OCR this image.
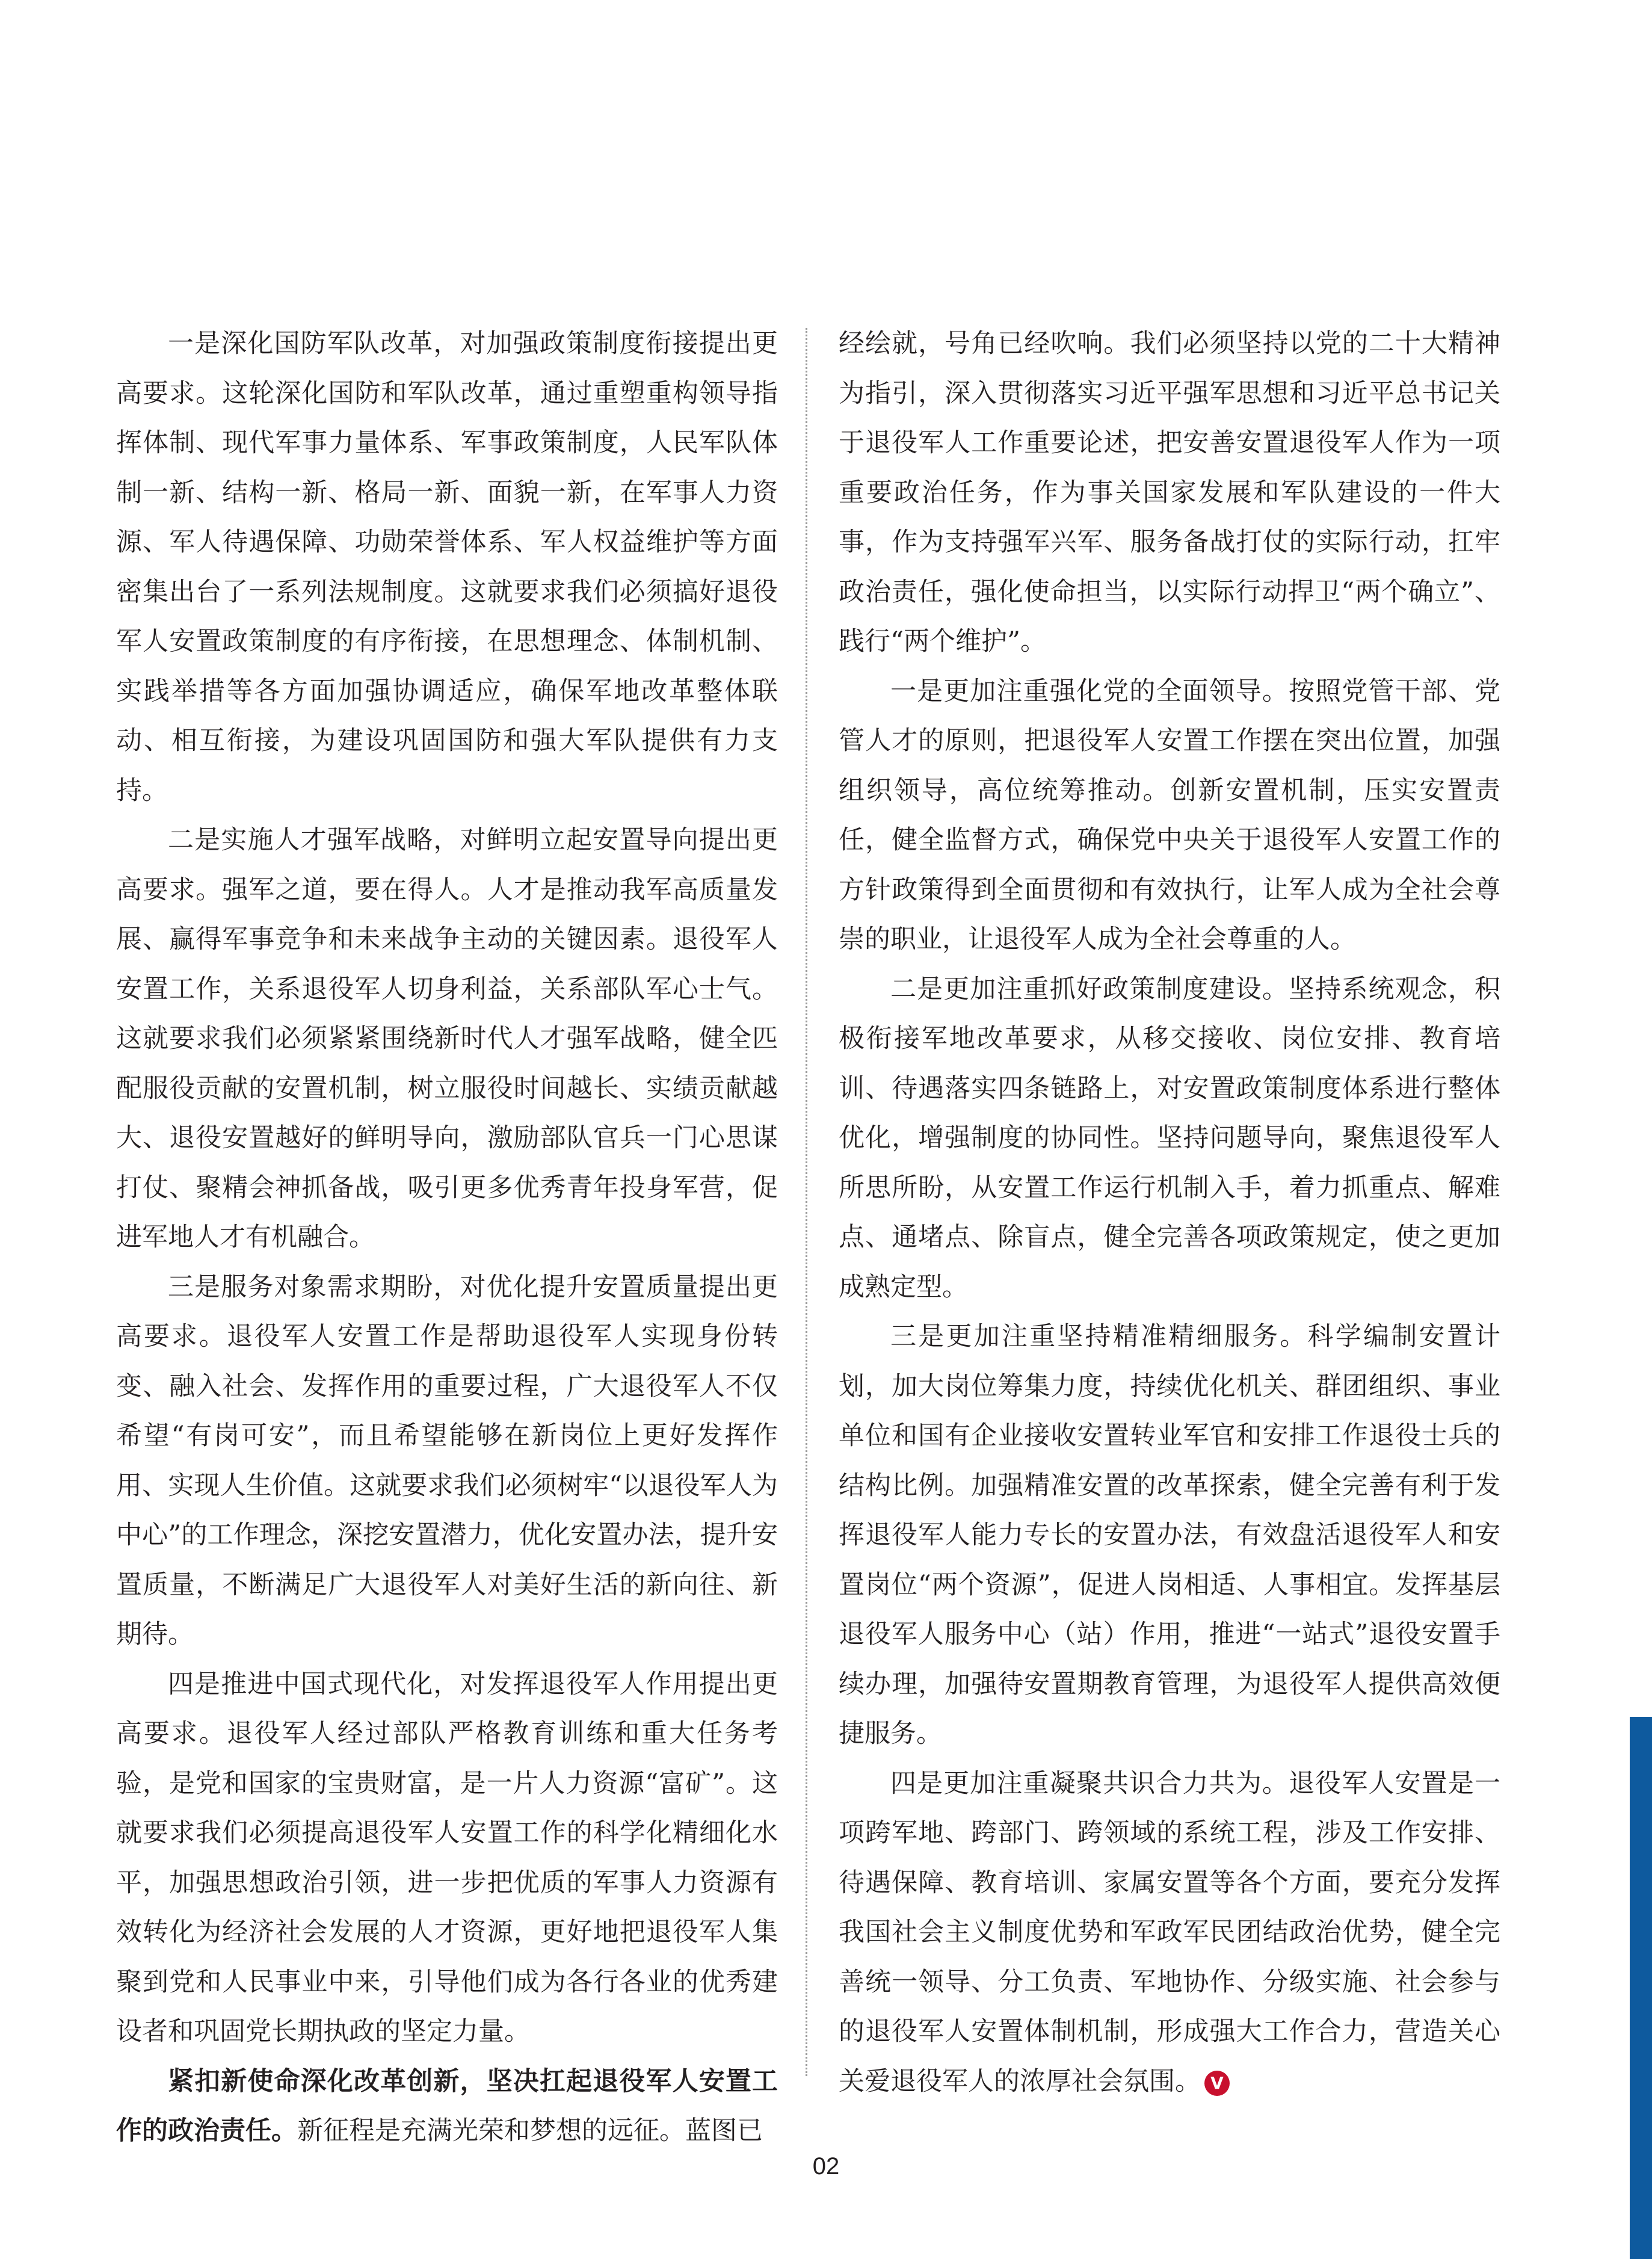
一是深化国防军队改革，对加强政策制度衔接提出更高要求。这轮深化国防和军队改革，通过重塑重构领导指挥体制、现代军事力量体系、军事政策制度，人民军队体制一新、结构一新、格局一新、面貌一新，在军事人力资源、军人待遇保障、功勋荣誉体系、军人权益维护等方面密集出台了一系列法规制度。这就要求我们必须搞好退役军人安置政策制度的有序衔接，在思想理念、体制机制、实践举措等各方面加强协调适应，确保军地改革整体联动、相互衔接，为建设巩固国防和强大军队提供有力支持。

二是实施人才强军战略，对鲜明立起安置导向提出更高要求。强军之道，要在得人。人才是推动我军高质量发展、赢得军事竞争和未来战争主动的关键因素。退役军人安置工作，关系退役军人切身利益，关系部队军心士气。这就要求我们必须紧紧围绕新时代人才强军战略，健全匹配服役贡献的安置机制，树立服役时间越长、实绩贡献越大、退役安置越好的鲜明导向，激励部队官兵一门心思谋打仗、聚精会神抓备战，吸引更多优秀青年投身军营，促进军地人才有机融合。

三是服务对象需求期盼，对优化提升安置质量提出更高要求。退役军人安置工作是帮助退役军人实现身份转变、融入社会、发挥作用的重要过程，广大退役军人不仅希望“有岗可安”，而且希望能够在新岗位上更好发挥作用、实现人生价值。这就要求我们必须树牢“以退役军人为中心”的工作理念，深挖安置潜力，优化安置办法，提升安置质量，不断满足广大退役军人对美好生活的新向往、新期待。

四是推进中国式现代化，对发挥退役军人作用提出更高要求。退役军人经过部队严格教育训练和重大任务考验，是党和国家的宝贵财富，是一片人力资源“富矿”。这就要求我们必须提高退役军人安置工作的科学化精细化水平，加强思想政治引领，进一步把优质的军事人力资源有效转化为经济社会发展的人才资源，更好地把退役军人集聚到党和人民事业中来，引导他们成为各行各业的优秀建设者和巩固党长期执政的坚定力量。

紧扣新使命深化改革创新，坚决扛起退役军人安置工作的政治责任。新征程是充满光荣和梦想的远征。蓝图已

经绘就，号角已经吹响。我们必须坚持以党的二十大精神为指引，深入贯彻落实习近平强军思想和习近平总书记关于退役军人工作重要论述，把安善安置退役军人作为一项重要政治任务，作为事关国家发展和军队建设的一件大事，作为支持强军兴军、服务备战打仗的实际行动，扛牢政治责任，强化使命担当，以实际行动捍卫“两个确立”、践行“两个维护”。

一是更加注重强化党的全面领导。按照党管干部、党管人才的原则，把退役军人安置工作摆在突出位置，加强组织领导，高位统筹推动。创新安置机制，压实安置责任，健全监督方式，确保党中央关于退役军人安置工作的方针政策得到全面贯彻和有效执行，让军人成为全社会尊崇的职业，让退役军人成为全社会尊重的人。

二是更加注重抓好政策制度建设。坚持系统观念，积极衔接军地改革要求，从移交接收、岗位安排、教育培训、待遇落实四条链路上，对安置政策制度体系进行整体优化，增强制度的协同性。坚持问题导向，聚焦退役军人所思所盼，从安置工作运行机制入手，着力抓重点、解难点、通堵点、除盲点，健全完善各项政策规定，使之更加成熟定型。

三是更加注重坚持精准精细服务。科学编制安置计划，加大岗位筹集力度，持续优化机关、群团组织、事业单位和国有企业接收安置转业军官和安排工作退役士兵的结构比例。加强精准安置的改革探索，健全完善有利于发挥退役军人能力专长的安置办法，有效盘活退役军人和安置岗位“两个资源”，促进人岗相适、人事相宜。发挥基层退役军人服务中心（站）作用，推进“一站式”退役安置手续办理，加强待安置期教育管理，为退役军人提供高效便捷服务。

四是更加注重凝聚共识合力共为。退役军人安置是一项跨军地、跨部门、跨领域的系统工程，涉及工作安排、待遇保障、教育培训、家属安置等各个方面，要充分发挥我国社会主义制度优势和军政军民团结政治优势，健全完善统一领导、分工负责、军地协作、分级实施、社会参与的退役军人安置体制机制，形成强大工作合力，营造关心关爱退役军人的浓厚社会氛围。 V

02
